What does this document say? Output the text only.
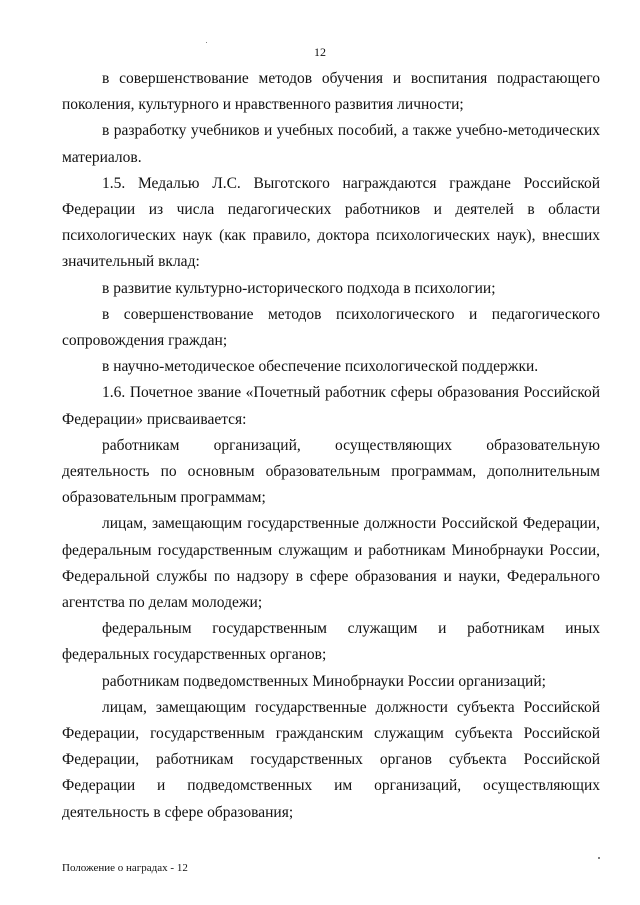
12

в совершенствование методов обучения и воспитания подрастающего поколения, культурного и нравственного развития личности;

в разработку учебников и учебных пособий, а также учебно-методических материалов.

1.5. Медалью Л.С. Выготского награждаются граждане Российской Федерации из числа педагогических работников и деятелей в области психологических наук (как правило, доктора психологических наук), внесших значительный вклад:

в развитие культурно-исторического подхода в психологии;

в совершенствование методов психологического и педагогического сопровождения граждан;

в научно-методическое обеспечение психологической поддержки.

1.6. Почетное звание «Почетный работник сферы образования Российской Федерации» присваивается:

работникам организаций, осуществляющих образовательную деятельность по основным образовательным программам, дополнительным образовательным программам;

лицам, замещающим государственные должности Российской Федерации, федеральным государственным служащим и работникам Минобрнауки России, Федеральной службы по надзору в сфере образования и науки, Федерального агентства по делам молодежи;

федеральным государственным служащим и работникам иных федеральных государственных органов;

работникам подведомственных Минобрнауки России организаций;

лицам, замещающим государственные должности субъекта Российской Федерации, государственным гражданским служащим субъекта Российской Федерации, работникам государственных органов субъекта Российской Федерации и подведомственных им организаций, осуществляющих деятельность в сфере образования;

Положение о наградах - 12
